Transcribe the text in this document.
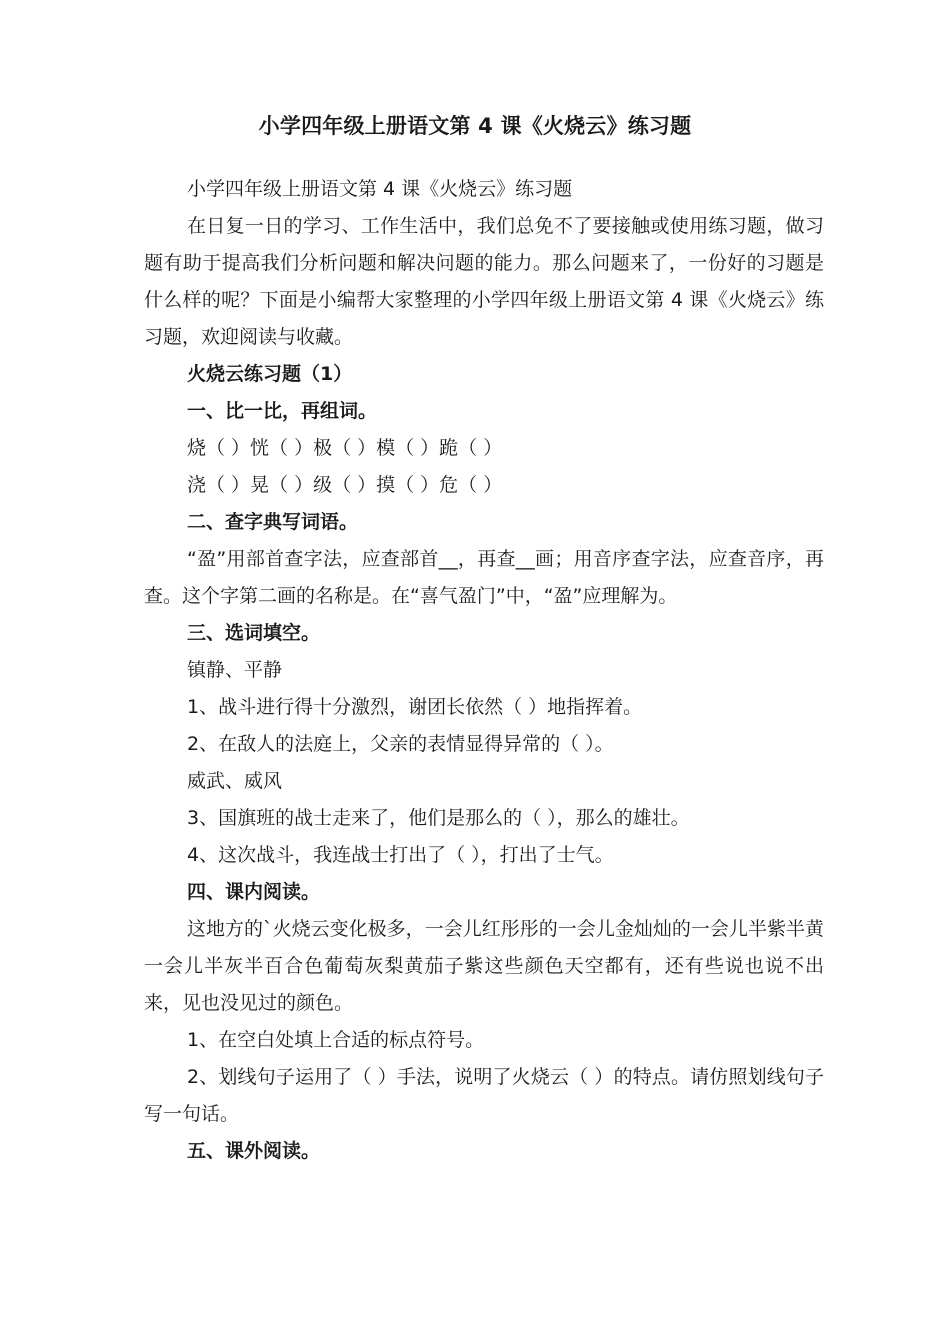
小学四年级上册语文第 4 课《火烧云》练习题

小学四年级上册语文第 4 课《火烧云》练习题

在日复一日的学习、工作生活中，我们总免不了要接触或使用练习题，做习题有助于提高我们分析问题和解决问题的能力。那么问题来了，一份好的习题是什么样的呢？下面是小编帮大家整理的小学四年级上册语文第 4 课《火烧云》练习题，欢迎阅读与收藏。

火烧云练习题（1）

一、比一比，再组词。

烧（ ）恍（ ）极（ ）模（ ）跪（ ）

浇（ ）晃（ ）级（ ）摸（ ）危（ ）

二、查字典写词语。

“盈”用部首查字法，应查部首__，再查__画；用音序查字法，应查音序，再查。这个字第二画的名称是。在“喜气盈门”中，“盈”应理解为。

三、选词填空。

镇静、平静

1、战斗进行得十分激烈，谢团长依然（ ）地指挥着。

2、在敌人的法庭上，父亲的表情显得异常的（ ）。

威武、威风

3、国旗班的战士走来了，他们是那么的（ ），那么的雄壮。

4、这次战斗，我连战士打出了（ ），打出了士气。

四、课内阅读。

这地方的`火烧云变化极多，一会儿红彤彤的一会儿金灿灿的一会儿半紫半黄一会儿半灰半百合色葡萄灰梨黄茄子紫这些颜色天空都有，还有些说也说不出来，见也没见过的颜色。

1、在空白处填上合适的标点符号。

2、划线句子运用了（ ）手法，说明了火烧云（ ）的特点。请仿照划线句子写一句话。

五、课外阅读。
